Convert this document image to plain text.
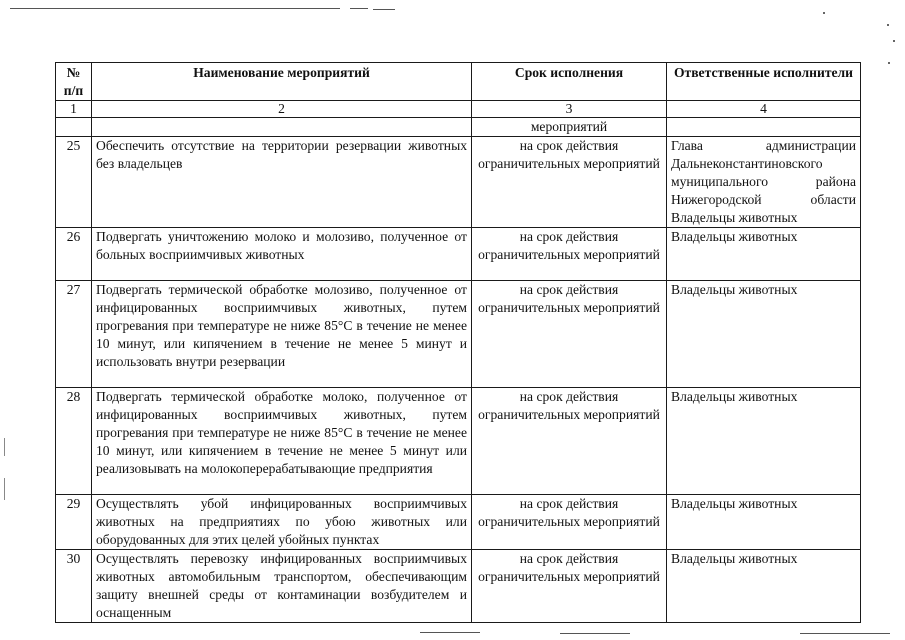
№ п/п	Наименование мероприятий	Срок исполнения	Ответственные исполнители
1	2	3	4
		мероприятий	
25	Обеспечить отсутствие на территории резервации животных без владельцев	на срок действия ограничительных мероприятий	Глава администрации Дальнеконстантиновского муниципального района Нижегородской области Владельцы животных

26	Подвергать уничтожению молоко и молозиво, полученное от больных восприимчивых животных	на срок действия ограничительных мероприятий	Владельцы животных
27	Подвергать термической обработке молозиво, полученное от инфицированных восприимчивых животных, путем прогревания при температуре не ниже 85°С в течение не менее 10 минут, или кипячением в течение не менее 5 минут и использовать внутри резервации	на срок действия ограничительных мероприятий	Владельцы животных
28	Подвергать термической обработке молоко, полученное от инфицированных восприимчивых животных, путем прогревания при температуре не ниже 85°С в течение не менее 10 минут, или кипячением в течение не менее 5 минут или реализовывать на молокоперерабатывающие предприятия	на срок действия ограничительных мероприятий	Владельцы животных
29	Осуществлять убой инфицированных восприимчивых животных на предприятиях по убою животных или оборудованных для этих целей убойных пунктах	на срок действия ограничительных мероприятий	Владельцы животных
30	Осуществлять перевозку инфицированных восприимчивых животных автомобильным транспортом, обеспечивающим защиту внешней среды от контаминации возбудителем и оснащенным	на срок действия ограничительных мероприятий	Владельцы животных
